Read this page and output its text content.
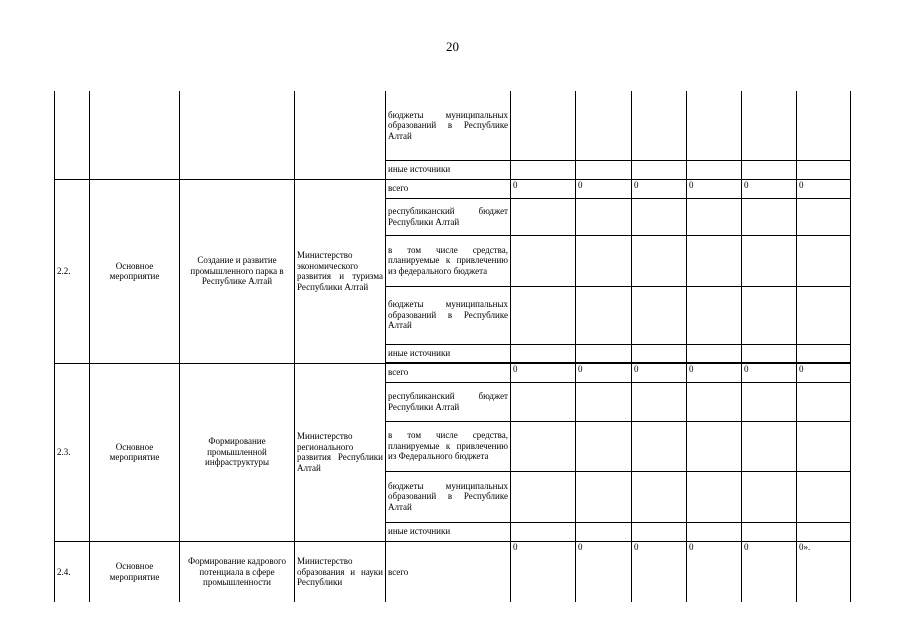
20

				бюджеты муниципальных образований в Республике Алтай						

				иные источники						
2.2.	Основное мероприятие	Создание и развитие промышленного парка в Республике Алтай	Министерство экономического развития и туризма Республики Алтай	всего	0	0	0	0	0	0

				республиканский бюджет Республики Алтай						

				в том числе средства, планируемые к привлечению из федерального бюджета						

				бюджеты муниципальных образований в Республике Алтай						

				иные источники						

2.3.	Основное мероприятие	Формирование промышленной инфраструктуры	Министерство регионального развития Республики Алтай	всего	0	0	0	0	0	0

				республиканский бюджет Республики Алтай						

				в том числе средства, планируемые к привлечению из Федерального бюджета						

				бюджеты муниципальных образований в Республике Алтай						

				иные источники						
2.4.	Основное мероприятие	Формирование кадрового потенциала в сфере промышленности	Министерство образования и науки Республики	всего	0	0	0	0	0	0».
